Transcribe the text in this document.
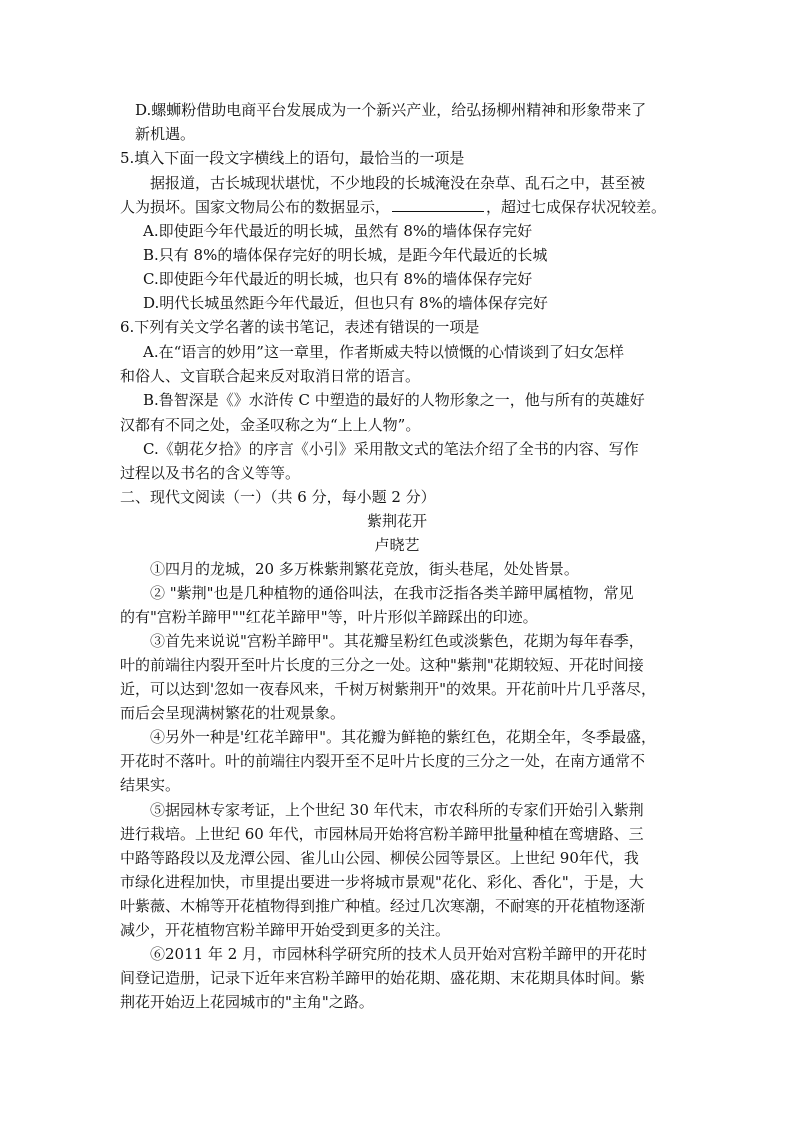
D.螺蛳粉借助电商平台发展成为一个新兴产业，给弘扬柳州精神和形象带来了
新机遇。
5.填入下面一段文字横线上的语句，最恰当的一项是
据报道，古长城现状堪忧，不少地段的长城淹没在杂草、乱石之中，甚至被
人为损坏。国家文物局公布的数据显示，	，超过七成保存状况较差。
A.即使距今年代最近的明长城，虽然有 8%的墙体保存完好
B.只有 8%的墙体保存完好的明长城，是距今年代最近的长城
C.即使距今年代最近的明长城，也只有 8%的墙体保存完好
D.明代长城虽然距今年代最近，但也只有 8%的墙体保存完好
6.下列有关文学名著的读书笔记，表述有错误的一项是
A.在“语言的妙用”这一章里，作者斯威夫特以愤慨的心情谈到了妇女怎样
和俗人、文盲联合起来反对取消日常的语言。
B.鲁智深是《》水浒传 C 中塑造的最好的人物形象之一，他与所有的英雄好
汉都有不同之处，金圣叹称之为“上上人物”。
C.《朝花夕拾》的序言《小引》采用散文式的笔法介绍了全书的内容、写作
过程以及书名的含义等等。
二、现代文阅读（一）（共 6 分，每小题 2 分）
紫荆花开
卢晓艺
①四月的龙城，20 多万株紫荆繁花竞放，街头巷尾，处处皆景。
② "紫荆"也是几种植物的通俗叫法，在我市泛指各类羊蹄甲属植物，常见
的有"宫粉羊蹄甲""红花羊蹄甲"等，叶片形似羊蹄踩出的印迹。
③首先来说说"宫粉羊蹄甲"。其花瓣呈粉红色或淡紫色，花期为每年春季，
叶的前端往内裂开至叶片长度的三分之一处。这种"紫荆"花期较短、开花时间接
近，可以达到'忽如一夜春风来，千树万树紫荆开"的效果。开花前叶片几乎落尽，
而后会呈现满树繁花的壮观景象。
④另外一种是'红花羊蹄甲"。其花瓣为鲜艳的紫红色，花期全年，冬季最盛，
开花时不落叶。叶的前端往内裂开至不足叶片长度的三分之一处，在南方通常不
结果实。
⑤据园林专家考证，上个世纪 30 年代末，市农科所的专家们开始引入紫荆
进行栽培。上世纪 60 年代，市园林局开始将宫粉羊蹄甲批量种植在鸾塘路、三
中路等路段以及龙潭公园、雀儿山公园、柳侯公园等景区。上世纪 90年代，我
市绿化进程加快，市里提出要进一步将城市景观"花化、彩化、香化"，于是，大
叶紫薇、木棉等开花植物得到推广种植。经过几次寒潮，不耐寒的开花植物逐渐
减少，开花植物宫粉羊蹄甲开始受到更多的关注。
⑥2011 年 2 月，市园林科学研究所的技术人员开始对宫粉羊蹄甲的开花时
间登记造册，记录下近年来宫粉羊蹄甲的始花期、盛花期、末花期具体时间。紫
荆花开始迈上花园城市的"主角"之路。
